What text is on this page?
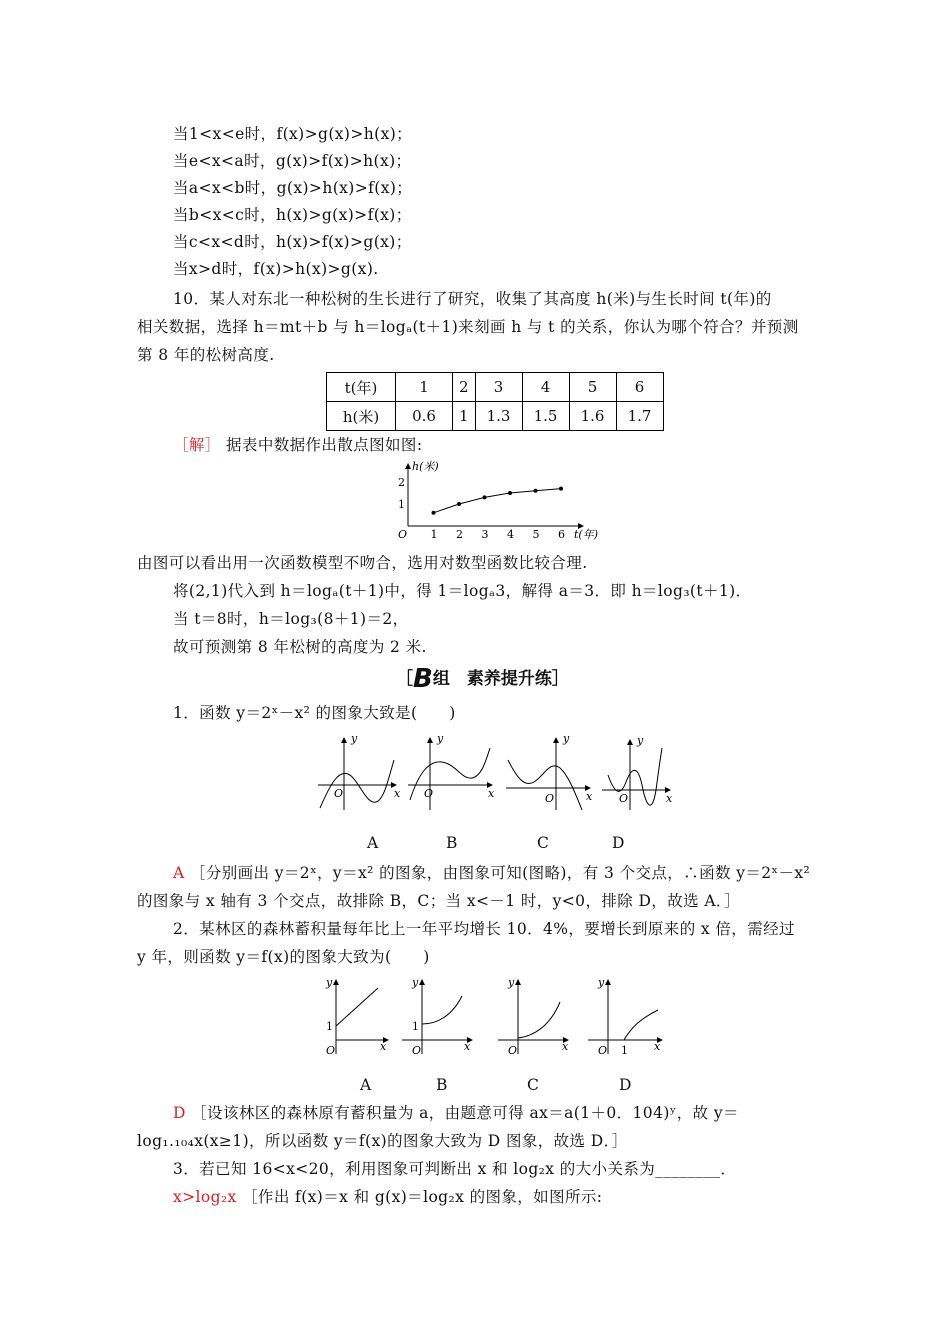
当1<x<e时，f(x)>g(x)>h(x)；
当e<x<a时，g(x)>f(x)>h(x)；
当a<x<b时，g(x)>h(x)>f(x)；
当b<x<c时，h(x)>g(x)>f(x)；
当c<x<d时，h(x)>f(x)>g(x)；
当x>d时，f(x)>h(x)>g(x).
10．某人对东北一种松树的生长进行了研究，收集了其高度 h(米)与生长时间 t(年)的
相关数据，选择 h＝mt＋b 与 h＝logₐ(t＋1)来刻画 h 与 t 的关系，你认为哪个符合？并预测
第 8 年的松树高度.
t(年)	1	2	3	4	5	6
h(米)	0.6	1	1.3	1.5	1.6	1.7
［解］ 据表中数据作出散点图如图:
h(米)
t(年)
O
1
2
1 2 3 4 5 6
由图可以看出用一次函数模型不吻合，选用对数型函数比较合理.
将(2,1)代入到 h＝logₐ(t＋1)中，得 1＝logₐ3，解得 a＝3．即 h＝log₃(t＋1)．
当 t＝8时，h＝log₃(8＋1)＝2，
故可预测第 8 年松树的高度为 2 米.
［B组　素养提升练］
1．函数 y＝2ˣ－x² 的图象大致是(　　)
y
x
O
y
x
O
y
x
O
y
x
O
A	B	C	D
A ［分别画出 y＝2ˣ，y＝x² 的图象，由图象可知(图略)，有 3 个交点，∴函数 y＝2ˣ－x²
的图象与 x 轴有 3 个交点，故排除 B，C；当 x<－1 时，y<0，排除 D，故选 A．］
2．某林区的森林蓄积量每年比上一年平均增长 10．4%，要增长到原来的 x 倍，需经过
y 年，则函数 y＝f(x)的图象大致为(　　)
y
1
O	x
y
1
O	x
y
O	x
y
O 1 x
A	B	C	D
D ［设该林区的森林原有蓄积量为 a，由题意可得 ax＝a(1＋0．104)ʸ，故 y＝
log₁.₁₀₄x(x≥1)，所以函数 y＝f(x)的图象大致为 D 图象，故选 D．］
3．若已知 16<x<20，利用图象可判断出 x 和 log₂x 的大小关系为________．
x>log₂x ［作出 f(x)＝x 和 g(x)＝log₂x 的图象，如图所示:
